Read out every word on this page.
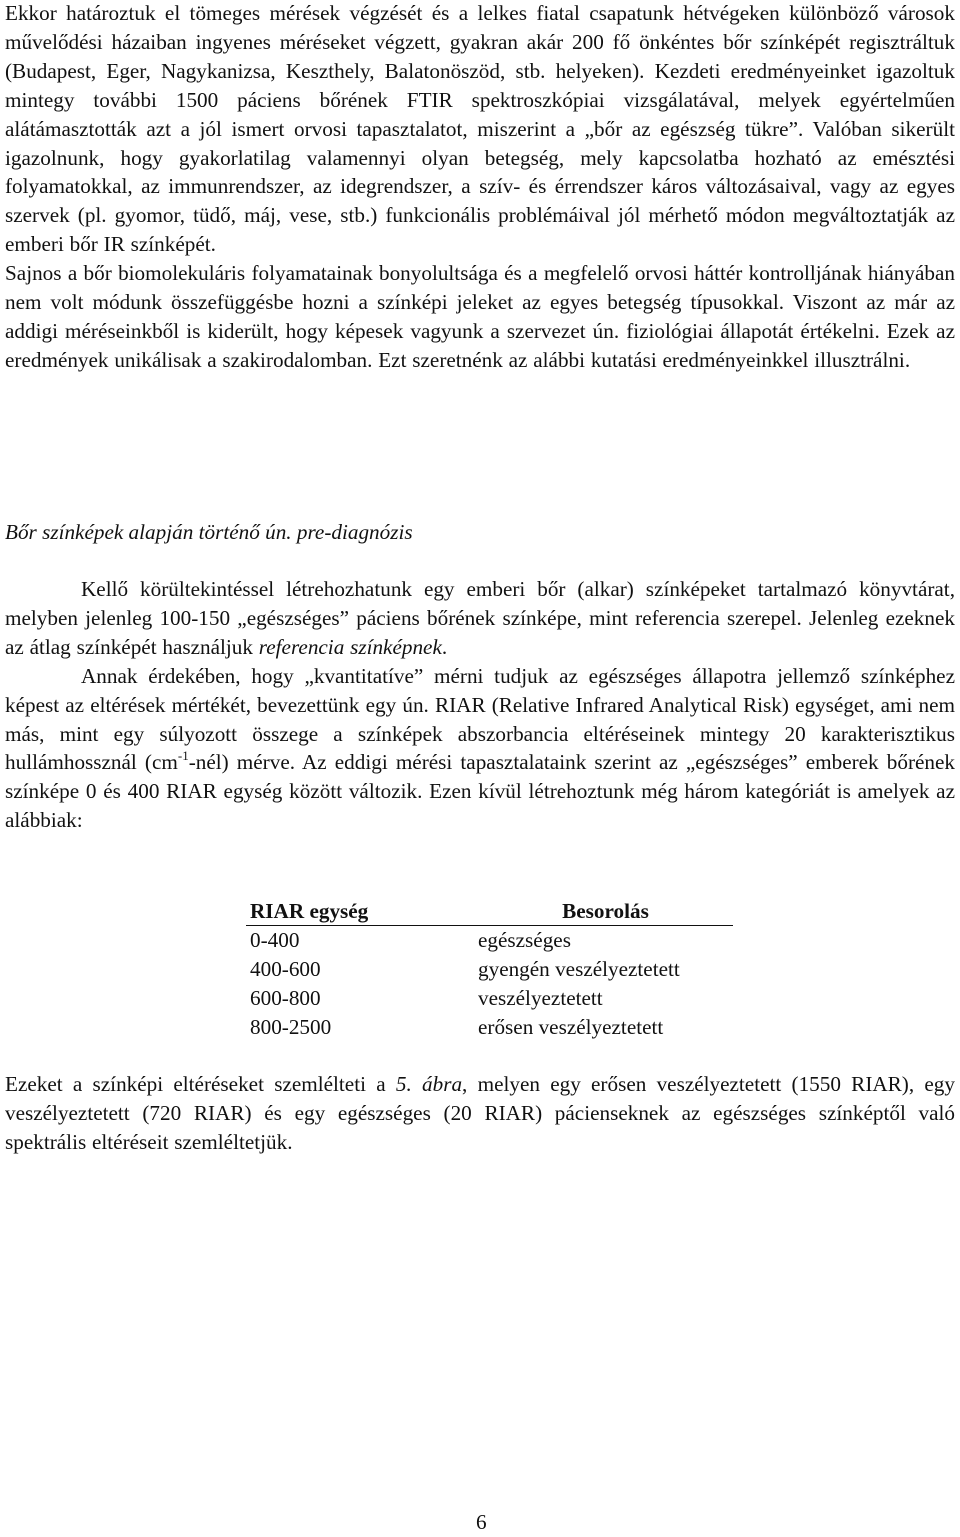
Ekkor határoztuk el tömeges mérések végzését és a lelkes fiatal csapatunk hétvégeken különböző városok művelődési házaiban ingyenes méréseket végzett, gyakran akár 200 fő önkéntes bőr színképét regisztráltuk (Budapest, Eger, Nagykanizsa, Keszthely, Balatonöszöd, stb. helyeken). Kezdeti eredményeinket igazoltuk mintegy további 1500 páciens bőrének FTIR spektroszkópiai vizsgálatával, melyek egyértelműen alátámasztották azt a jól ismert orvosi tapasztalatot, miszerint a „bőr az egészség tükre”. Valóban sikerült igazolnunk, hogy gyakorlatilag valamennyi olyan betegség, mely kapcsolatba hozható az emésztési folyamatokkal, az immunrendszer, az idegrendszer, a szív- és érrendszer káros változásaival, vagy az egyes szervek (pl. gyomor, tüdő, máj, vese, stb.) funkcionális problémáival jól mérhető módon megváltoztatják az emberi bőr IR színképét.

Sajnos a bőr biomolekuláris folyamatainak bonyolultsága és a megfelelő orvosi háttér kontrolljának hiányában nem volt módunk összefüggésbe hozni a színképi jeleket az egyes betegség típusokkal. Viszont az már az addigi méréseinkből is kiderült, hogy képesek vagyunk a szervezet ún. fiziológiai állapotát értékelni. Ezek az eredmények unikálisak a szakirodalomban. Ezt szeretnénk az alábbi kutatási eredményeinkkel illusztrálni.

Bőr színképek alapján történő ún. pre-diagnózis

Kellő körültekintéssel létrehozhatunk egy emberi bőr (alkar) színképeket tartalmazó könyvtárat, melyben jelenleg 100-150 „egészséges” páciens bőrének színképe, mint referencia szerepel. Jelenleg ezeknek az átlag színképét használjuk referencia színképnek.

Annak érdekében, hogy „kvantitatíve” mérni tudjuk az egészséges állapotra jellemző színképhez képest az eltérések mértékét, bevezettünk egy ún. RIAR (Relative Infrared Analytical Risk) egységet, ami nem más, mint egy súlyozott összege a színképek abszorbancia eltéréseinek mintegy 20 karakterisztikus hullámhossznál $(cm^{-1}-nél)$ mérve. Az eddigi mérési tapasztalataink szerint az „egészséges” emberek bőrének színképe 0 és 400 RIAR egység között változik. Ezen kívül létrehoztunk még három kategóriát is amelyek az alábbiak:

RIAR egység	Besorolás
0-400	egészséges
400-600	gyengén veszélyeztetett
600-800	veszélyeztetett
800-2500	erősen veszélyeztetett

Ezeket a színképi eltéréseket szemlélteti a 5. ábra, melyen egy erősen veszélyeztetett (1550 RIAR), egy veszélyeztetett (720 RIAR) és egy egészséges (20 RIAR) pácienseknek az egészséges színképtől való spektrális eltéréseit szemléltetjük.

6
